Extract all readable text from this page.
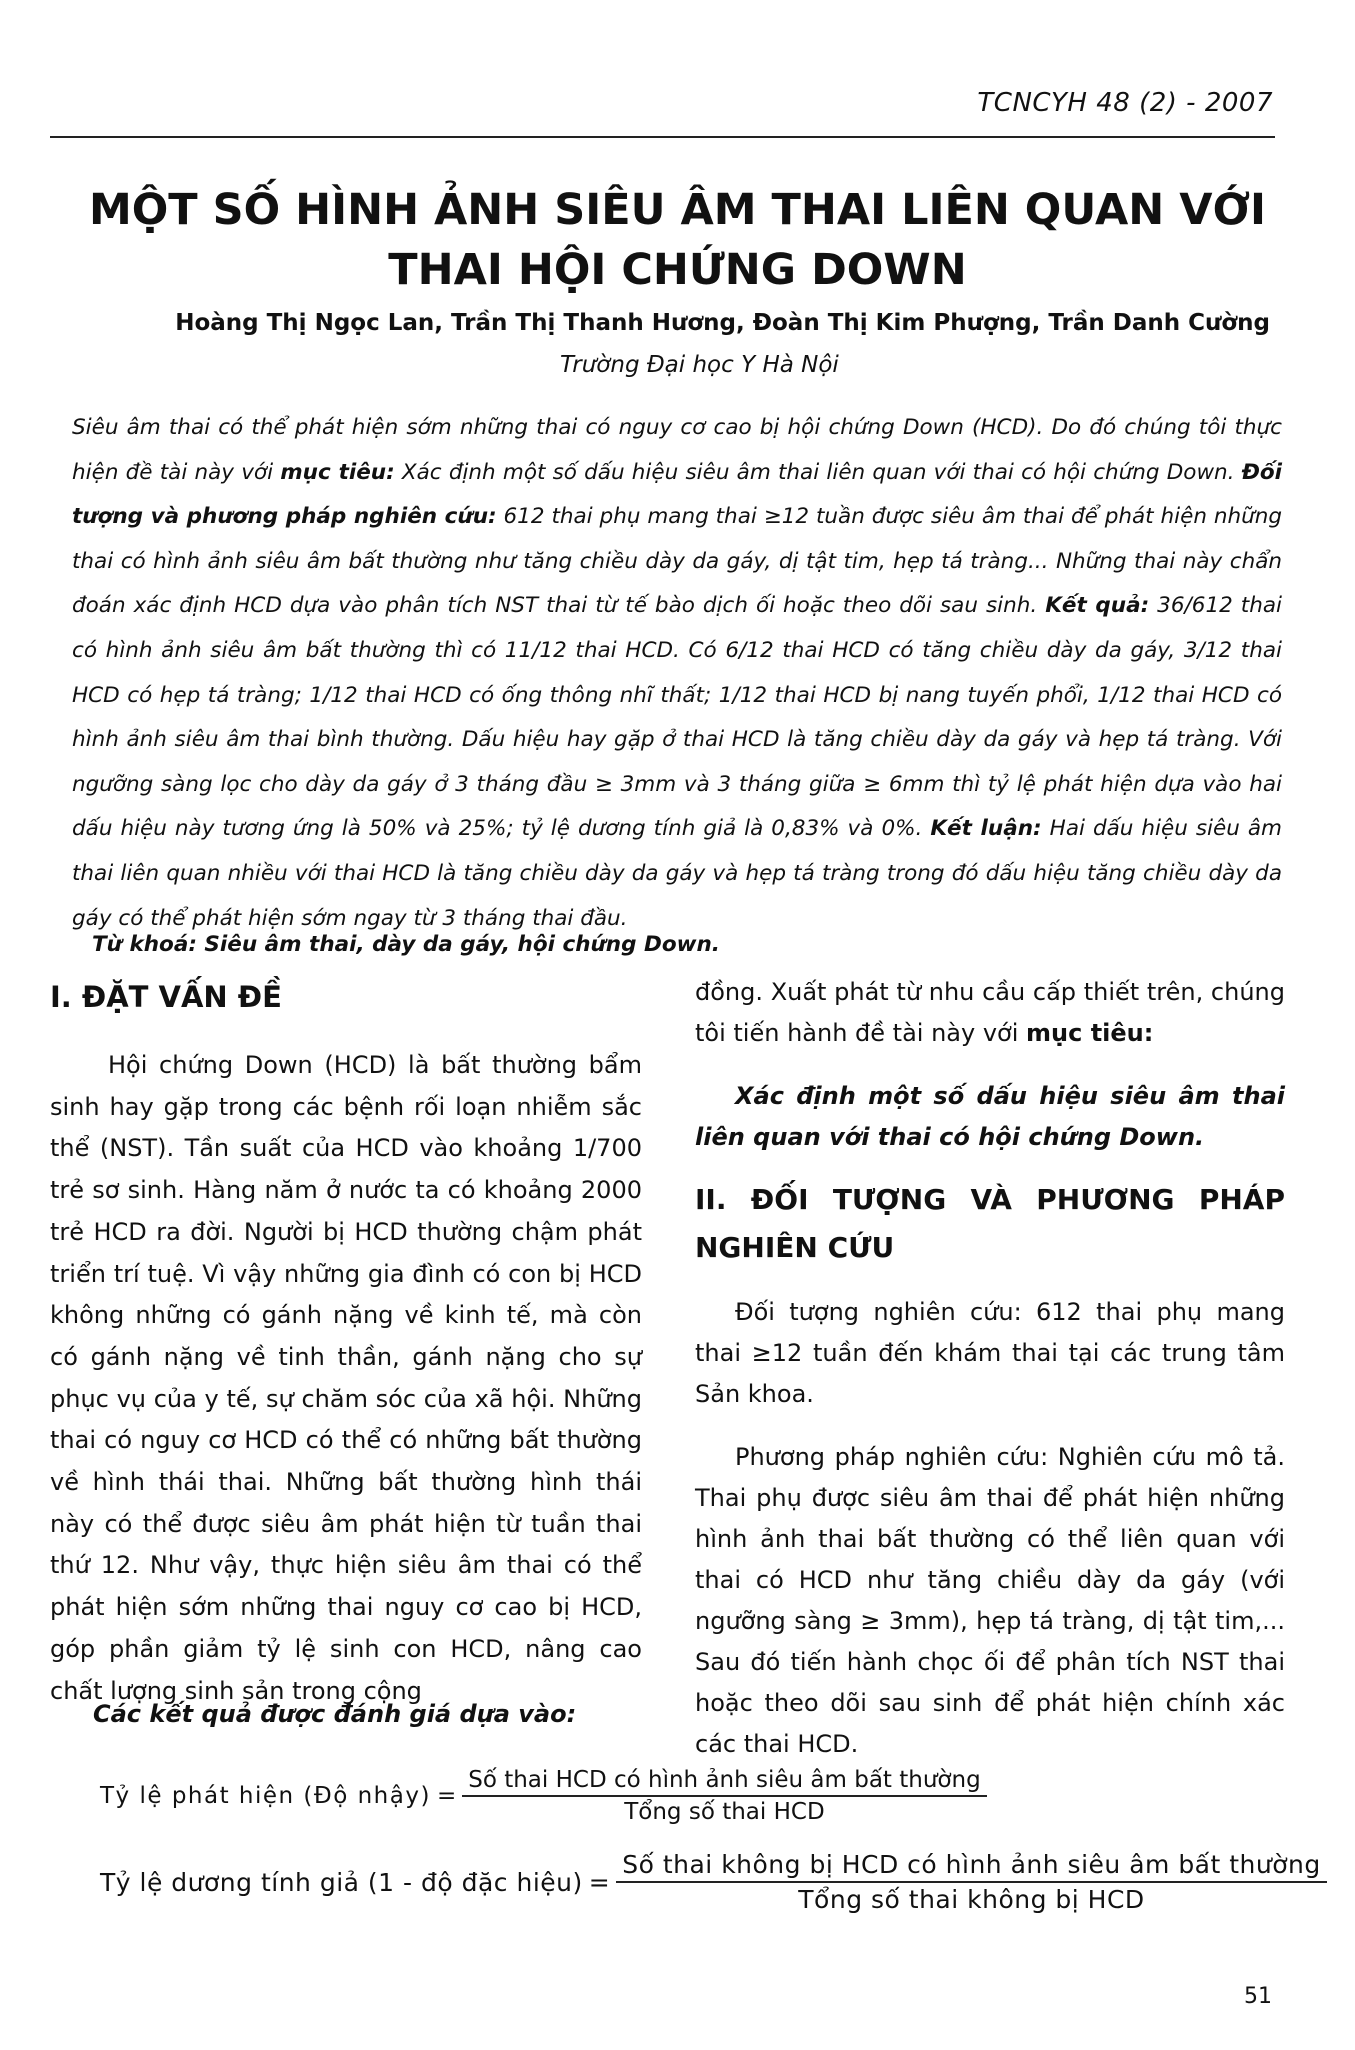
TCNCYH 48 (2) - 2007
MỘT SỐ HÌNH ẢNH SIÊU ÂM THAI LIÊN QUAN VỚI
THAI HỘI CHỨNG DOWN
Hoàng Thị Ngọc Lan, Trần Thị Thanh Hương, Đoàn Thị Kim Phượng, Trần Danh Cường
Trường Đại học Y Hà Nội

Siêu âm thai có thể phát hiện sớm những thai có nguy cơ cao bị hội chứng Down (HCD). Do đó chúng tôi thực hiện đề tài này với mục tiêu: Xác định một số dấu hiệu siêu âm thai liên quan với thai có hội chứng Down. Đối tượng và phương pháp nghiên cứu: 612 thai phụ mang thai ≥12 tuần được siêu âm thai để phát hiện những thai có hình ảnh siêu âm bất thường như tăng chiều dày da gáy, dị tật tim, hẹp tá tràng... Những thai này chẩn đoán xác định HCD dựa vào phân tích NST thai từ tế bào dịch ối hoặc theo dõi sau sinh. Kết quả: 36/612 thai có hình ảnh siêu âm bất thường thì có 11/12 thai HCD. Có 6/12 thai HCD có tăng chiều dày da gáy, 3/12 thai HCD có hẹp tá tràng; 1/12 thai HCD có ống thông nhĩ thất; 1/12 thai HCD bị nang tuyến phổi, 1/12 thai HCD có hình ảnh siêu âm thai bình thường. Dấu hiệu hay gặp ở thai HCD là tăng chiều dày da gáy và hẹp tá tràng. Với ngưỡng sàng lọc cho dày da gáy ở 3 tháng đầu ≥ 3mm và 3 tháng giữa ≥ 6mm thì tỷ lệ phát hiện dựa vào hai dấu hiệu này tương ứng là 50% và 25%; tỷ lệ dương tính giả là 0,83% và 0%. Kết luận: Hai dấu hiệu siêu âm thai liên quan nhiều với thai HCD là tăng chiều dày da gáy và hẹp tá tràng trong đó dấu hiệu tăng chiều dày da gáy có thể phát hiện sớm ngay từ 3 tháng thai đầu.

Từ khoá: Siêu âm thai, dày da gáy, hội chứng Down.
I. ĐẶT VẤN ĐỀ

Hội chứng Down (HCD) là bất thường bẩm sinh hay gặp trong các bệnh rối loạn nhiễm sắc thể (NST). Tần suất của HCD vào khoảng 1/700 trẻ sơ sinh. Hàng năm ở nước ta có khoảng 2000 trẻ HCD ra đời. Người bị HCD thường chậm phát triển trí tuệ. Vì vậy những gia đình có con bị HCD không những có gánh nặng về kinh tế, mà còn có gánh nặng về tinh thần, gánh nặng cho sự phục vụ của y tế, sự chăm sóc của xã hội. Những thai có nguy cơ HCD có thể có những bất thường về hình thái thai. Những bất thường hình thái này có thể được siêu âm phát hiện từ tuần thai thứ 12. Như vậy, thực hiện siêu âm thai có thể phát hiện sớm những thai nguy cơ cao bị HCD, góp phần giảm tỷ lệ sinh con HCD, nâng cao chất lượng sinh sản trong cộng

đồng. Xuất phát từ nhu cầu cấp thiết trên, chúng tôi tiến hành đề tài này với mục tiêu:

Xác định một số dấu hiệu siêu âm thai liên quan với thai có hội chứng Down.

II. ĐỐI TƯỢNG VÀ PHƯƠNG PHÁP
NGHIÊN CỨU

Đối tượng nghiên cứu: 612 thai phụ mang thai ≥12 tuần đến khám thai tại các trung tâm Sản khoa.

Phương pháp nghiên cứu: Nghiên cứu mô tả. Thai phụ được siêu âm thai để phát hiện những hình ảnh thai bất thường có thể liên quan với thai có HCD như tăng chiều dày da gáy (với ngưỡng sàng ≥ 3mm), hẹp tá tràng, dị tật tim,... Sau đó tiến hành chọc ối để phân tích NST thai hoặc theo dõi sau sinh để phát hiện chính xác các thai HCD.

Các kết quả được đánh giá dựa vào:
Tỷ lệ phát hiện (Độ nhậy) = $\frac{\text{Số thai HCD có hình ảnh siêu âm bất thường}}{\text{Tổng số thai HCD}}$
Tỷ lệ dương tính giả (1 - độ đặc hiệu) = $\frac{\text{Số thai không bị HCD có hình ảnh siêu âm bất thường}}{\text{Tổng số thai không bị HCD}}$
51
